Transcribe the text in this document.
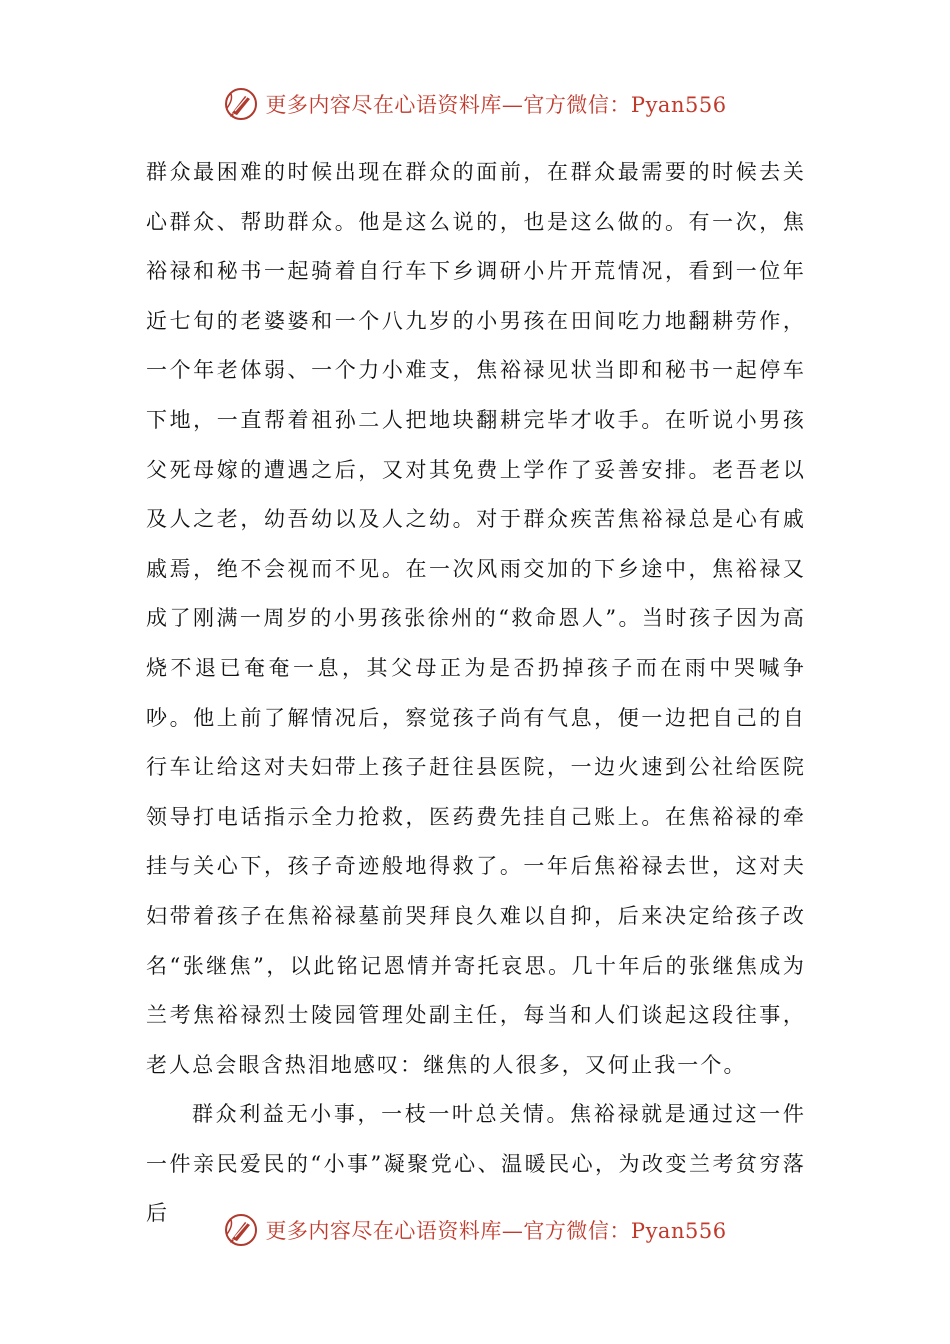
更多内容尽在心语资料库—官方微信：Pyan556

群众最困难的时候出现在群众的面前，在群众最需要的时候去关心群众、帮助群众。他是这么说的，也是这么做的。有一次，焦裕禄和秘书一起骑着自行车下乡调研小片开荒情况，看到一位年近七旬的老婆婆和一个八九岁的小男孩在田间吃力地翻耕劳作，一个年老体弱、一个力小难支，焦裕禄见状当即和秘书一起停车下地，一直帮着祖孙二人把地块翻耕完毕才收手。在听说小男孩父死母嫁的遭遇之后，又对其免费上学作了妥善安排。老吾老以及人之老，幼吾幼以及人之幼。对于群众疾苦焦裕禄总是心有戚戚焉，绝不会视而不见。在一次风雨交加的下乡途中，焦裕禄又成了刚满一周岁的小男孩张徐州的“救命恩人”。当时孩子因为高烧不退已奄奄一息，其父母正为是否扔掉孩子而在雨中哭喊争吵。他上前了解情况后，察觉孩子尚有气息，便一边把自己的自行车让给这对夫妇带上孩子赶往县医院，一边火速到公社给医院领导打电话指示全力抢救，医药费先挂自己账上。在焦裕禄的牵挂与关心下，孩子奇迹般地得救了。一年后焦裕禄去世，这对夫妇带着孩子在焦裕禄墓前哭拜良久难以自抑，后来决定给孩子改名“张继焦”，以此铭记恩情并寄托哀思。几十年后的张继焦成为兰考焦裕禄烈士陵园管理处副主任，每当和人们谈起这段往事，老人总会眼含热泪地感叹：继焦的人很多，又何止我一个。

群众利益无小事，一枝一叶总关情。焦裕禄就是通过这一件一件亲民爱民的“小事”凝聚党心、温暖民心，为改变兰考贫穷落后

更多内容尽在心语资料库—官方微信：Pyan556
